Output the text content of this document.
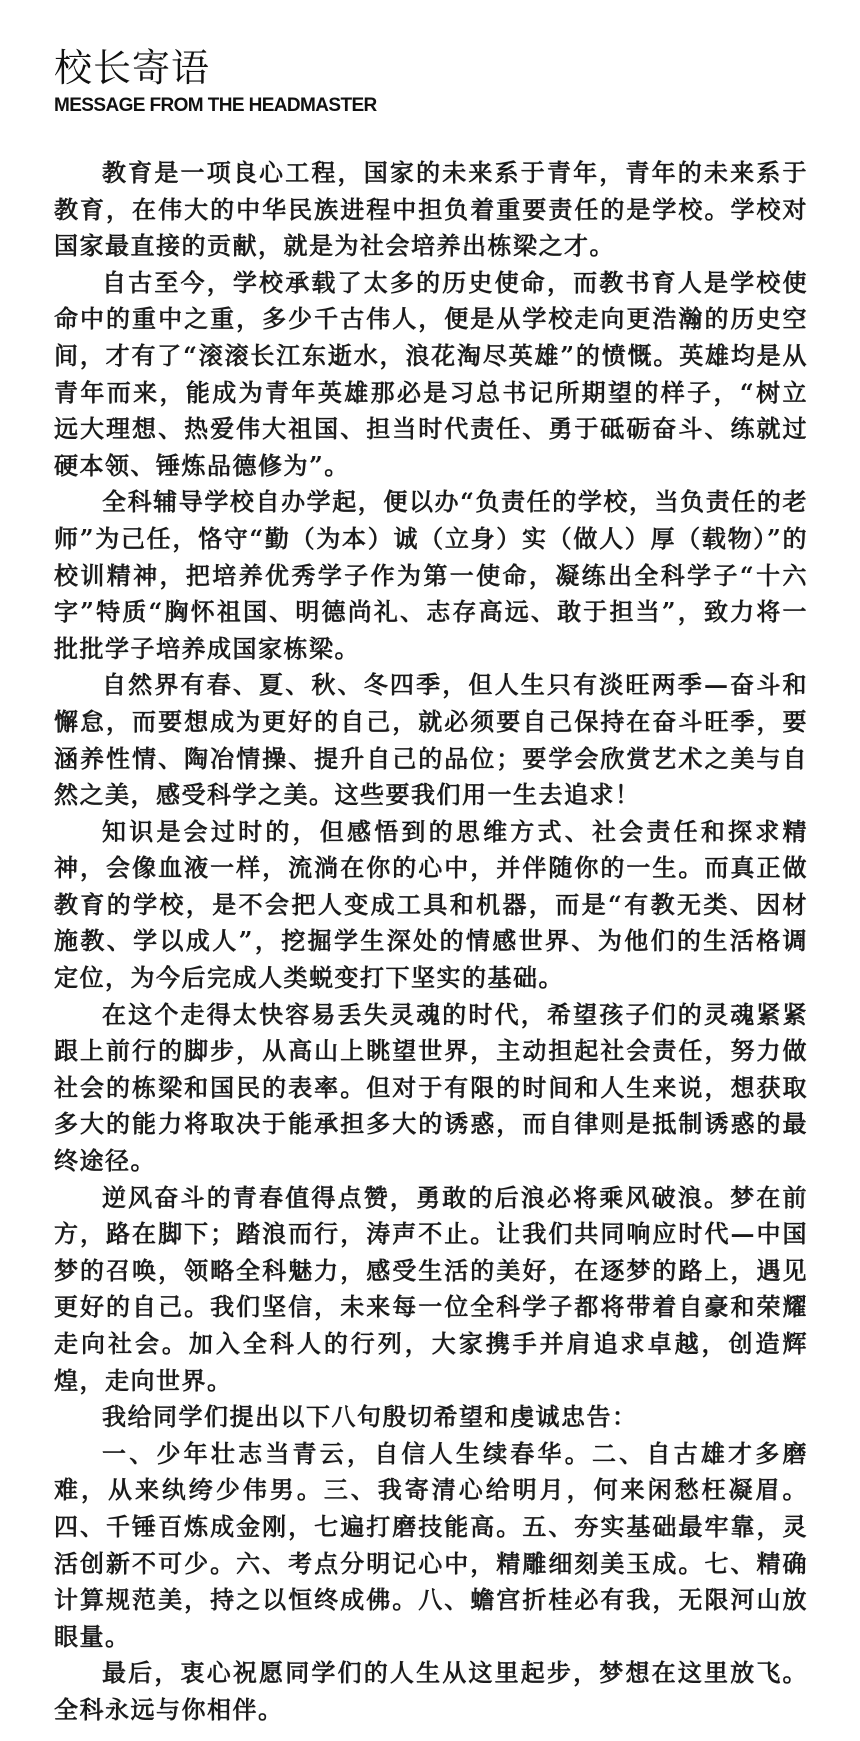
校长寄语
MESSAGE FROM THE HEADMASTER

教育是一项良心工程，国家的未来系于青年，青年的未来系于教育，在伟大的中华民族进程中担负着重要责任的是学校。学校对国家最直接的贡献，就是为社会培养出栋梁之才。

自古至今，学校承载了太多的历史使命，而教书育人是学校使命中的重中之重，多少千古伟人，便是从学校走向更浩瀚的历史空间，才有了“滚滚长江东逝水，浪花淘尽英雄”的愤慨。英雄均是从青年而来，能成为青年英雄那必是习总书记所期望的样子，“树立远大理想、热爱伟大祖国、担当时代责任、勇于砥砺奋斗、练就过硬本领、锤炼品德修为”。

全科辅导学校自办学起，便以办“负责任的学校，当负责任的老师”为己任，恪守“勤（为本）诚（立身）实（做人）厚（载物）”的校训精神，把培养优秀学子作为第一使命，凝练出全科学子“十六字”特质“胸怀祖国、明德尚礼、志存高远、敢于担当”，致力将一批批学子培养成国家栋梁。

自然界有春、夏、秋、冬四季，但人生只有淡旺两季—奋斗和懈怠，而要想成为更好的自己，就必须要自己保持在奋斗旺季，要涵养性情、陶冶情操、提升自己的品位；要学会欣赏艺术之美与自然之美，感受科学之美。这些要我们用一生去追求！

知识是会过时的，但感悟到的思维方式、社会责任和探求精神，会像血液一样，流淌在你的心中，并伴随你的一生。而真正做教育的学校，是不会把人变成工具和机器，而是“有教无类、因材施教、学以成人”，挖掘学生深处的情感世界、为他们的生活格调定位，为今后完成人类蜕变打下坚实的基础。

在这个走得太快容易丢失灵魂的时代，希望孩子们的灵魂紧紧跟上前行的脚步，从高山上眺望世界，主动担起社会责任，努力做社会的栋梁和国民的表率。但对于有限的时间和人生来说，想获取多大的能力将取决于能承担多大的诱惑，而自律则是抵制诱惑的最终途径。

逆风奋斗的青春值得点赞，勇敢的后浪必将乘风破浪。梦在前方，路在脚下；踏浪而行，涛声不止。让我们共同响应时代—中国梦的召唤，领略全科魅力，感受生活的美好，在逐梦的路上，遇见更好的自己。我们坚信，未来每一位全科学子都将带着自豪和荣耀走向社会。加入全科人的行列，大家携手并肩追求卓越，创造辉煌，走向世界。

我给同学们提出以下八句殷切希望和虔诚忠告：

一、少年壮志当青云，自信人生续春华。二、自古雄才多磨难，从来纨绔少伟男。三、我寄清心给明月，何来闲愁枉凝眉。四、千锤百炼成金刚，七遍打磨技能高。五、夯实基础最牢靠，灵活创新不可少。六、考点分明记心中，精雕细刻美玉成。七、精确计算规范美，持之以恒终成佛。八、蟾宫折桂必有我，无限河山放眼量。

最后，衷心祝愿同学们的人生从这里起步，梦想在这里放飞。全科永远与你相伴。
